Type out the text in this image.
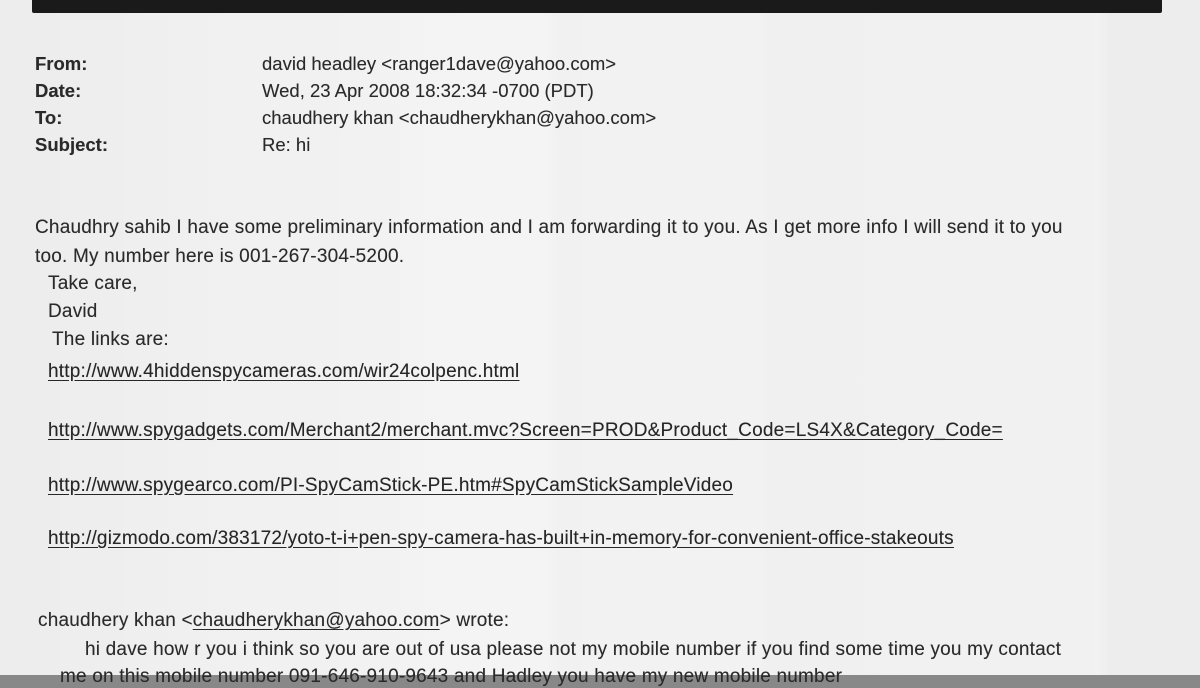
From:	david headley <ranger1dave@yahoo.com>
Date:	Wed, 23 Apr 2008 18:32:34 -0700 (PDT)
To:	chaudhery khan <chaudherykhan@yahoo.com>
Subject:	Re: hi
Chaudhry sahib I have some preliminary information and I am forwarding it to you. As I get more info I will send it to you
too. My number here is 001-267-304-5200.
Take care,
David
The links are:
http://www.4hiddenspycameras.com/wir24colpenc.html
http://www.spygadgets.com/Merchant2/merchant.mvc?Screen=PROD&Product_Code=LS4X&Category_Code=
http://www.spygearco.com/PI-SpyCamStick-PE.htm#SpyCamStickSampleVideo
http://gizmodo.com/383172/yoto-t-i+pen-spy-camera-has-built+in-memory-for-convenient-office-stakeouts
chaudhery khan <chaudherykhan@yahoo.com> wrote:
hi dave how r you i think so you are out of usa please not my mobile number if you find some time you my contact
me on this mobile number 091-646-910-9643 and Hadley you have my new mobile number
